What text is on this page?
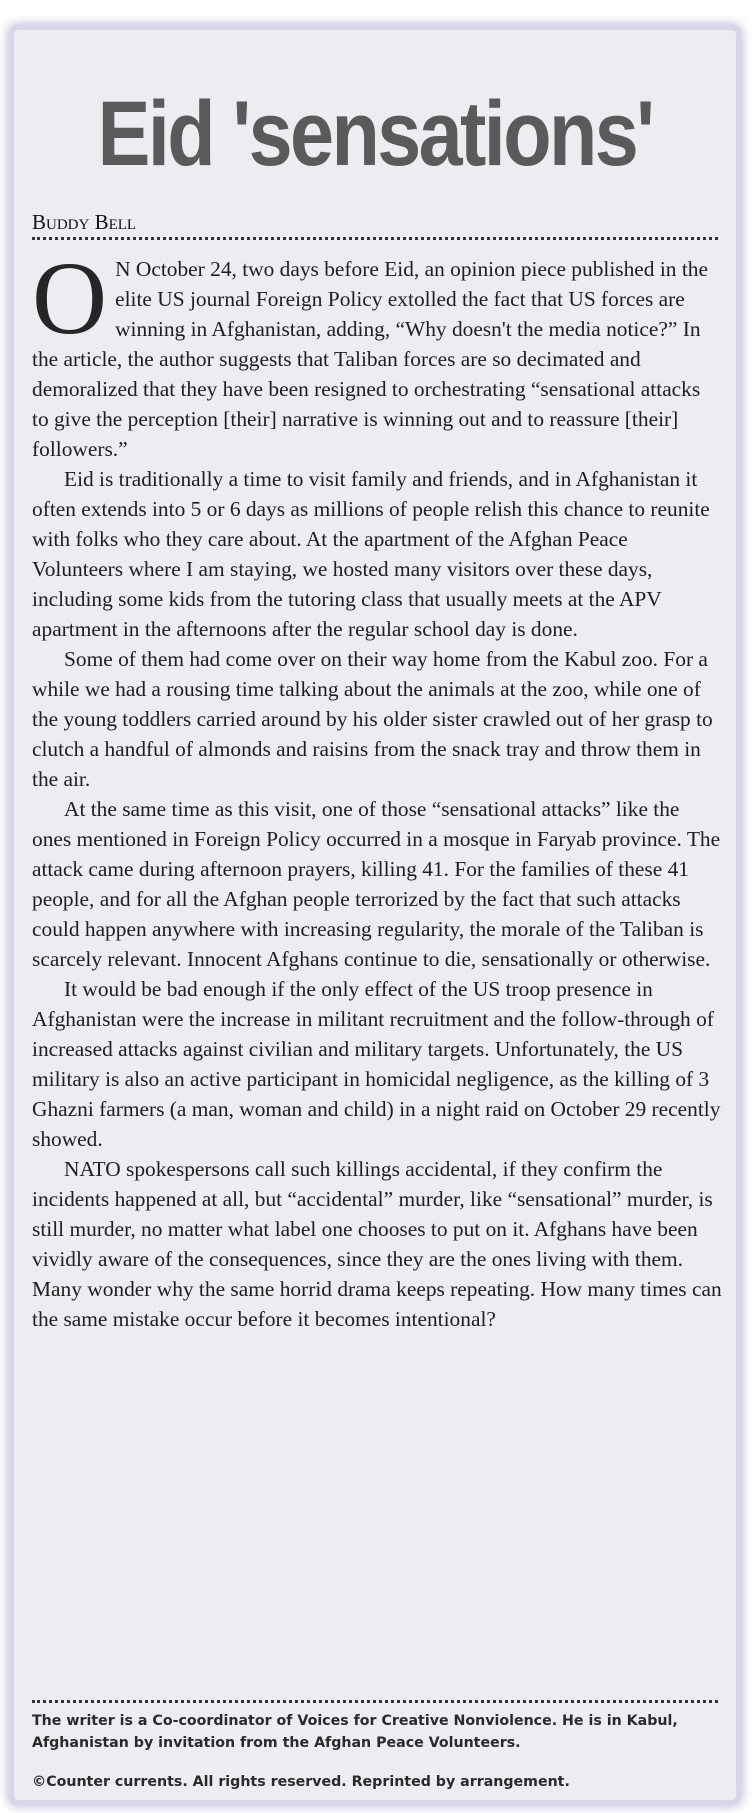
Eid 'sensations'
Buddy Bell

O N October 24, two days before Eid, an opinion piece published in the elite US journal Foreign Policy extolled the fact that US forces are winning in Afghanistan, adding, “Why doesn't the media notice?” In the article, the author suggests that Taliban forces are so decimated and demoralized that they have been resigned to orchestrating “sensational attacks to give the perception [their] narrative is winning out and to reassure [their] followers.”

Eid is traditionally a time to visit family and friends, and in Afghanistan it often extends into 5 or 6 days as millions of people relish this chance to reunite with folks who they care about. At the apartment of the Afghan Peace Volunteers where I am staying, we hosted many visitors over these days, including some kids from the tutoring class that usually meets at the APV apartment in the afternoons after the regular school day is done.

Some of them had come over on their way home from the Kabul zoo. For a while we had a rousing time talking about the animals at the zoo, while one of the young toddlers carried around by his older sister crawled out of her grasp to clutch a handful of almonds and raisins from the snack tray and throw them in the air.

At the same time as this visit, one of those “sensational attacks” like the ones mentioned in Foreign Policy occurred in a mosque in Faryab province. The attack came during afternoon prayers, killing 41. For the families of these 41 people, and for all the Afghan people terrorized by the fact that such attacks could happen anywhere with increasing regularity, the morale of the Taliban is scarcely relevant. Innocent Afghans continue to die, sensationally or otherwise.

It would be bad enough if the only effect of the US troop presence in Afghanistan were the increase in militant recruitment and the follow-through of increased attacks against civilian and military targets. Unfortunately, the US military is also an active participant in homicidal negligence, as the killing of 3 Ghazni farmers (a man, woman and child) in a night raid on October 29 recently showed.

NATO spokespersons call such killings accidental, if they confirm the incidents happened at all, but “accidental” murder, like “sensational” murder, is still murder, no matter what label one chooses to put on it. Afghans have been vividly aware of the consequences, since they are the ones living with them. Many wonder why the same horrid drama keeps repeating. How many times can the same mistake occur before it becomes intentional?

The writer is a Co-coordinator of Voices for Creative Nonviolence. He is in Kabul, Afghanistan by invitation from the Afghan Peace Volunteers.

©Counter currents. All rights reserved. Reprinted by arrangement.
